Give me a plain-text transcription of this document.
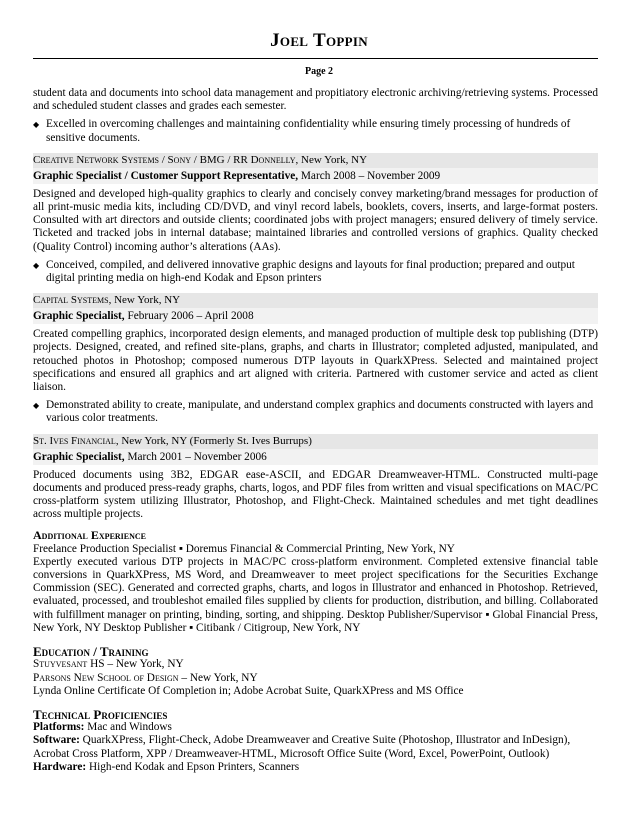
Joel Toppin
Page 2

student data and documents into school data management and propitiatory electronic archiving/retrieving systems. Processed and scheduled student classes and grades each semester.

◆ Excelled in overcoming challenges and maintaining confidentiality while ensuring timely processing of hundreds of sensitive documents.
Creative Network Systems / Sony / BMG / RR Donnelly, New York, NY
Graphic Specialist / Customer Support Representative, March 2008 – November 2009

Designed and developed high-quality graphics to clearly and concisely convey marketing/brand messages for production of all print-music media kits, including CD/DVD, and vinyl record labels, booklets, covers, inserts, and large-format posters. Consulted with art directors and outside clients; coordinated jobs with project managers; ensured delivery of timely service. Ticketed and tracked jobs in internal database; maintained libraries and controlled versions of graphics. Quality checked (Quality Control) incoming author’s alterations (AAs).

◆ Conceived, compiled, and delivered innovative graphic designs and layouts for final production; prepared and output digital printing media on high-end Kodak and Epson printers
Capital Systems, New York, NY
Graphic Specialist, February 2006 – April 2008

Created compelling graphics, incorporated design elements, and managed production of multiple desk top publishing (DTP) projects. Designed, created, and refined site-plans, graphs, and charts in Illustrator; completed adjusted, manipulated, and retouched photos in Photoshop; composed numerous DTP layouts in QuarkXPress. Selected and maintained project specifications and ensured all graphics and art aligned with criteria. Partnered with customer service and acted as client liaison.

◆ Demonstrated ability to create, manipulate, and understand complex graphics and documents constructed with layers and various color treatments.
St. Ives Financial, New York, NY (Formerly St. Ives Burrups)
Graphic Specialist, March 2001 – November 2006

Produced documents using 3B2, EDGAR ease-ASCII, and EDGAR Dreamweaver-HTML. Constructed multi-page documents and produced press-ready graphs, charts, logos, and PDF files from written and visual specifications on MAC/PC cross-platform system utilizing Illustrator, Photoshop, and Flight-Check. Maintained schedules and met tight deadlines across multiple projects.

Additional Experience

Freelance Production Specialist ▪ Doremus Financial & Commercial Printing, New York, NY

Expertly executed various DTP projects in MAC/PC cross-platform environment. Completed extensive financial table conversions in QuarkXPress, MS Word, and Dreamweaver to meet project specifications for the Securities Exchange Commission (SEC). Generated and corrected graphs, charts, and logos in Illustrator and enhanced in Photoshop. Retrieved, evaluated, processed, and troubleshot emailed files supplied by clients for production, distribution, and billing. Collaborated with fulfillment manager on printing, binding, sorting, and shipping. Desktop Publisher/Supervisor ▪ Global Financial Press, New York, NY Desktop Publisher ▪ Citibank / Citigroup, New York, NY

Education / Training

Stuyvesant HS – New York, NY

Parsons New School of Design – New York, NY

Lynda Online Certificate Of Completion in; Adobe Acrobat Suite, QuarkXPress and MS Office

Technical Proficiencies

Platforms: Mac and Windows

Software: QuarkXPress, Flight-Check, Adobe Dreamweaver and Creative Suite (Photoshop, Illustrator and InDesign), Acrobat Cross Platform, XPP / Dreamweaver-HTML, Microsoft Office Suite (Word, Excel, PowerPoint, Outlook)

Hardware: High-end Kodak and Epson Printers, Scanners
